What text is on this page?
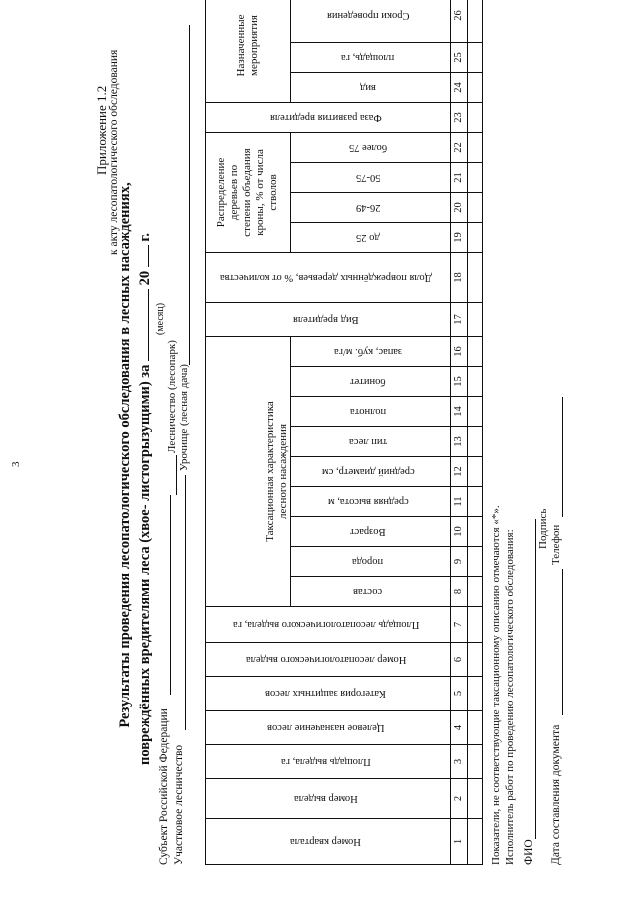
3
Приложение 1.2 к акту лесопатологического обследования
Результаты проведения лесопатологического обследования в лесных насаждениях, повреждённых вредителями леса (хвое- листогрызущими) за  20  г.
(месяц)
Субъект Российской Федерации
Лесничество (лесопарк)
Участковое лесничество
Урочище (лесная дача)
Номер квартала	Номер выдела	Площадь выдела, га	Целевое назначение лесов	Категория защитных лесов	Номер лесопатологического выдела	Площадь лесопатологического выдела, га										Вид вредителя	Доля повреждённых деревьев, % от количества	Распределение деревьев по степени объедания кроны, % от числа стволов				Фаза развития вредителя	Назначенные мероприятия		
							Таксационная характеристика лесного насаждения																		
							состав	порода	Возраст	средняя высота, м	средний диаметр, см	тип леса	полнота	бонитет	запас, куб. м/га			до 25	26-49	50-75	более 75		вид	площадь, га	Сроки проведения
1	2	3	4	5	6	7	8	9	10	11	12	13	14	15	16	17	18	19	20	21	22	23	24	25	26

Показатели, не соответствующие таксационному описанию отмечаются «*». Исполнитель работ по проведению лесопатологического обследования: ФИО
Подпись
Дата составления документа
Телефон
